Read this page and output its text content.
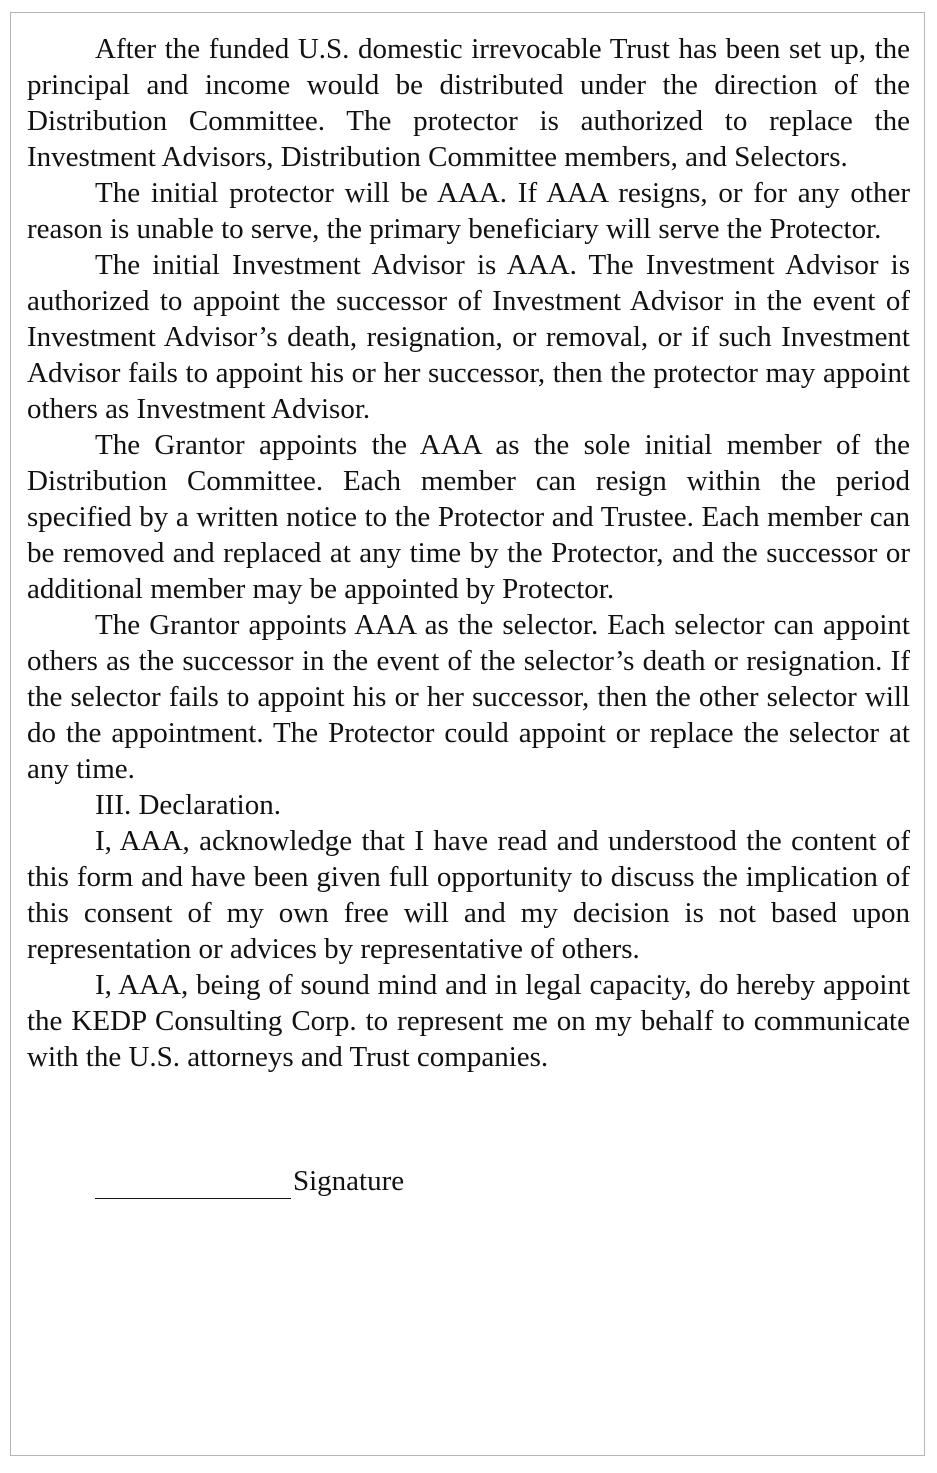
After the funded U.S. domestic irrevocable Trust has been set up, the principal and income would be distributed under the direction of the Distribution Committee. The protector is authorized to replace the Investment Advisors, Distribution Committee members, and Selectors.

The initial protector will be AAA. If AAA resigns, or for any other reason is unable to serve, the primary beneficiary will serve the Protector.

The initial Investment Advisor is AAA. The Investment Advisor is authorized to appoint the successor of Investment Advisor in the event of Investment Advisor’s death, resignation, or removal, or if such Investment Advisor fails to appoint his or her successor, then the protector may appoint others as Investment Advisor.

The Grantor appoints the AAA as the sole initial member of the Distribution Committee. Each member can resign within the period specified by a written notice to the Protector and Trustee. Each member can be removed and replaced at any time by the Protector, and the successor or additional member may be appointed by Protector.

The Grantor appoints AAA as the selector. Each selector can appoint others as the successor in the event of the selector’s death or resignation. If the selector fails to appoint his or her successor, then the other selector will do the appointment. The Protector could appoint or replace the selector at any time.

III. Declaration.

I, AAA, acknowledge that I have read and understood the content of this form and have been given full opportunity to discuss the implication of this consent of my own free will and my decision is not based upon representation or advices by representative of others.

I, AAA, being of sound mind and in legal capacity, do hereby appoint the KEDP Consulting Corp. to represent me on my behalf to communicate with the U.S. attorneys and Trust companies.

Signature
